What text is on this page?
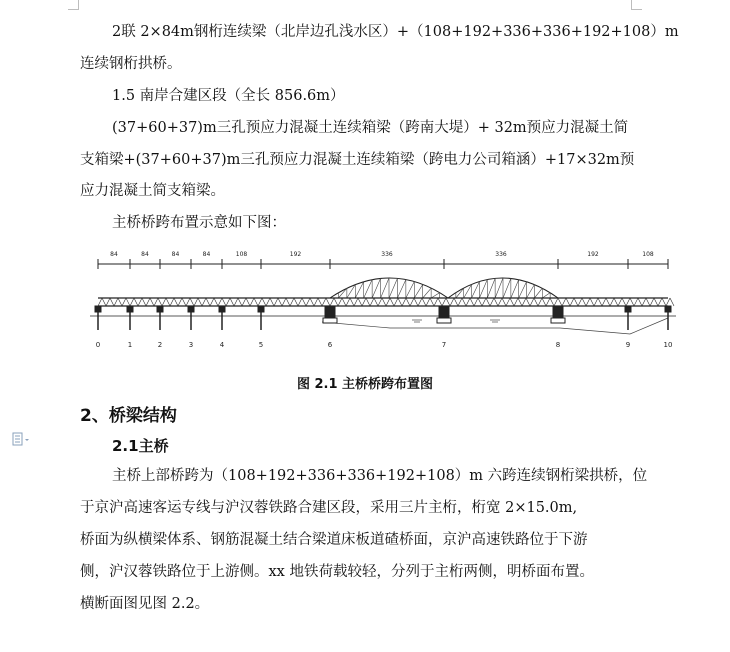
2联 2×84m钢桁连续梁（北岸边孔浅水区）+（108+192+336+336+192+108）m
连续钢桁拱桥。
1.5 南岸合建区段（全长 856.6m）
(37+60+37)m三孔预应力混凝土连续箱梁（跨南大堤）+ 32m预应力混凝土简
支箱梁+(37+60+37)m三孔预应力混凝土连续箱梁（跨电力公司箱涵）+17×32m预
应力混凝土简支箱梁。
主桥桥跨布置示意如下图：
84	84	84	84	108	192	336	336	192	108
0	1	2	3	4	5	6	7	8	9	10
图 2.1 主桥桥跨布置图
2、桥梁结构
2.1主桥
主桥上部桥跨为（108+192+336+336+192+108）m 六跨连续钢桁梁拱桥，位
于京沪高速客运专线与沪汉蓉铁路合建区段，采用三片主桁，桁宽 2×15.0m,
桥面为纵横梁体系、钢筋混凝土结合梁道床板道碴桥面，京沪高速铁路位于下游
侧，沪汉蓉铁路位于上游侧。xx 地铁荷载较轻，分列于主桁两侧，明桥面布置。
横断面图见图 2.2。
